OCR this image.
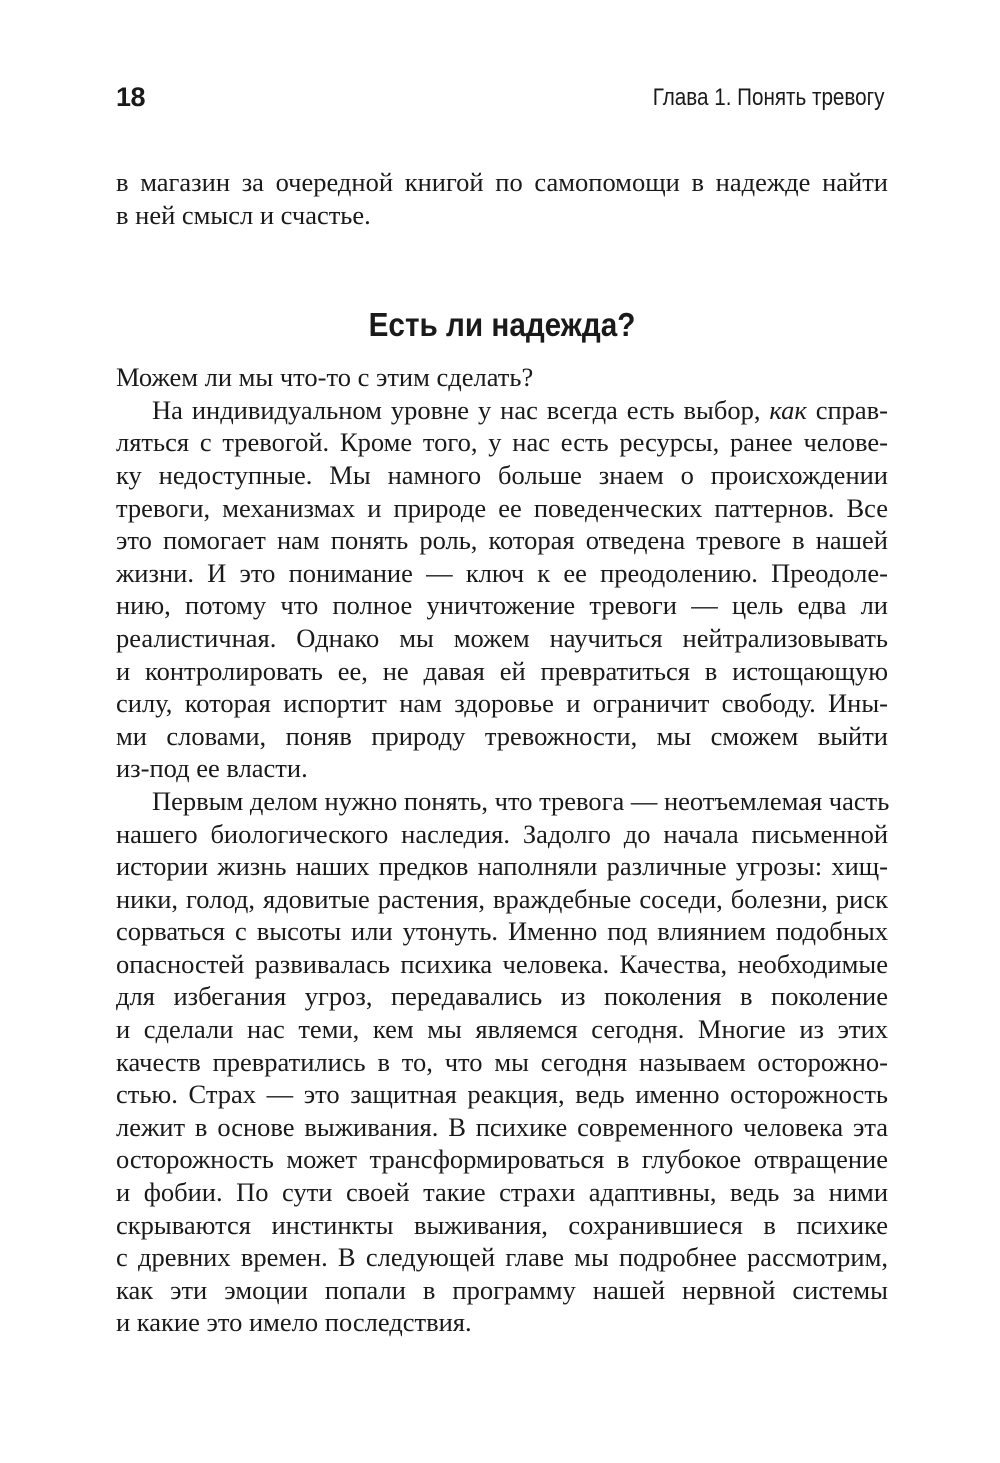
18	Глава 1. Понять тревогу
в магазин за очередной книгой по самопомощи в надежде найти
в ней смысл и счастье.
Есть ли надежда?
Можем ли мы что-то с этим сделать?
На индивидуальном уровне у нас всегда есть выбор, как справ-
ляться с тревогой. Кроме того, у нас есть ресурсы, ранее челове-
ку недоступные. Мы намного больше знаем о происхождении
тревоги, механизмах и природе ее поведенческих паттернов. Все
это помогает нам понять роль, которая отведена тревоге в нашей
жизни. И это понимание — ключ к ее преодолению. Преодоле-
нию, потому что полное уничтожение тревоги — цель едва ли
реалистичная. Однако мы можем научиться нейтрализовывать
и контролировать ее, не давая ей превратиться в истощающую
силу, которая испортит нам здоровье и ограничит свободу. Ины-
ми словами, поняв природу тревожности, мы сможем выйти
из-под ее власти.
Первым делом нужно понять, что тревога — неотъемлемая часть
нашего биологического наследия. Задолго до начала письменной
истории жизнь наших предков наполняли различные угрозы: хищ-
ники, голод, ядовитые растения, враждебные соседи, болезни, риск
сорваться с высоты или утонуть. Именно под влиянием подобных
опасностей развивалась психика человека. Качества, необходимые
для избегания угроз, передавались из поколения в поколение
и сделали нас теми, кем мы являемся сегодня. Многие из этих
качеств превратились в то, что мы сегодня называем осторожно-
стью. Страх — это защитная реакция, ведь именно осторожность
лежит в основе выживания. В психике современного человека эта
осторожность может трансформироваться в глубокое отвращение
и фобии. По сути своей такие страхи адаптивны, ведь за ними
скрываются инстинкты выживания, сохранившиеся в психике
с древних времен. В следующей главе мы подробнее рассмотрим,
как эти эмоции попали в программу нашей нервной системы
и какие это имело последствия.
